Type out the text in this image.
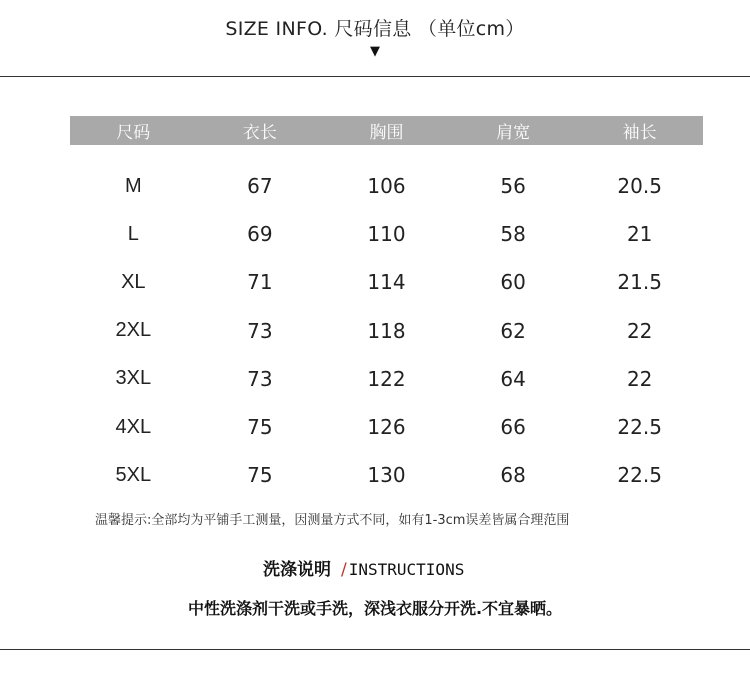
SIZE INFO. 尺码信息 （单位cm）
▼
尺码	衣长	胸围	肩宽	袖长
M	67	106	56	20.5
L	69	110	58	21
XL	71	114	60	21.5
2XL	73	118	62	22
3XL	73	122	64	22
4XL	75	126	66	22.5
5XL	75	130	68	22.5
温馨提示:全部均为平铺手工测量，因测量方式不同，如有1-3cm误差皆属合理范围
洗涤说明 / INSTRUCTIONS
中性洗涤剂干洗或手洗，深浅衣服分开洗.不宜暴晒。
